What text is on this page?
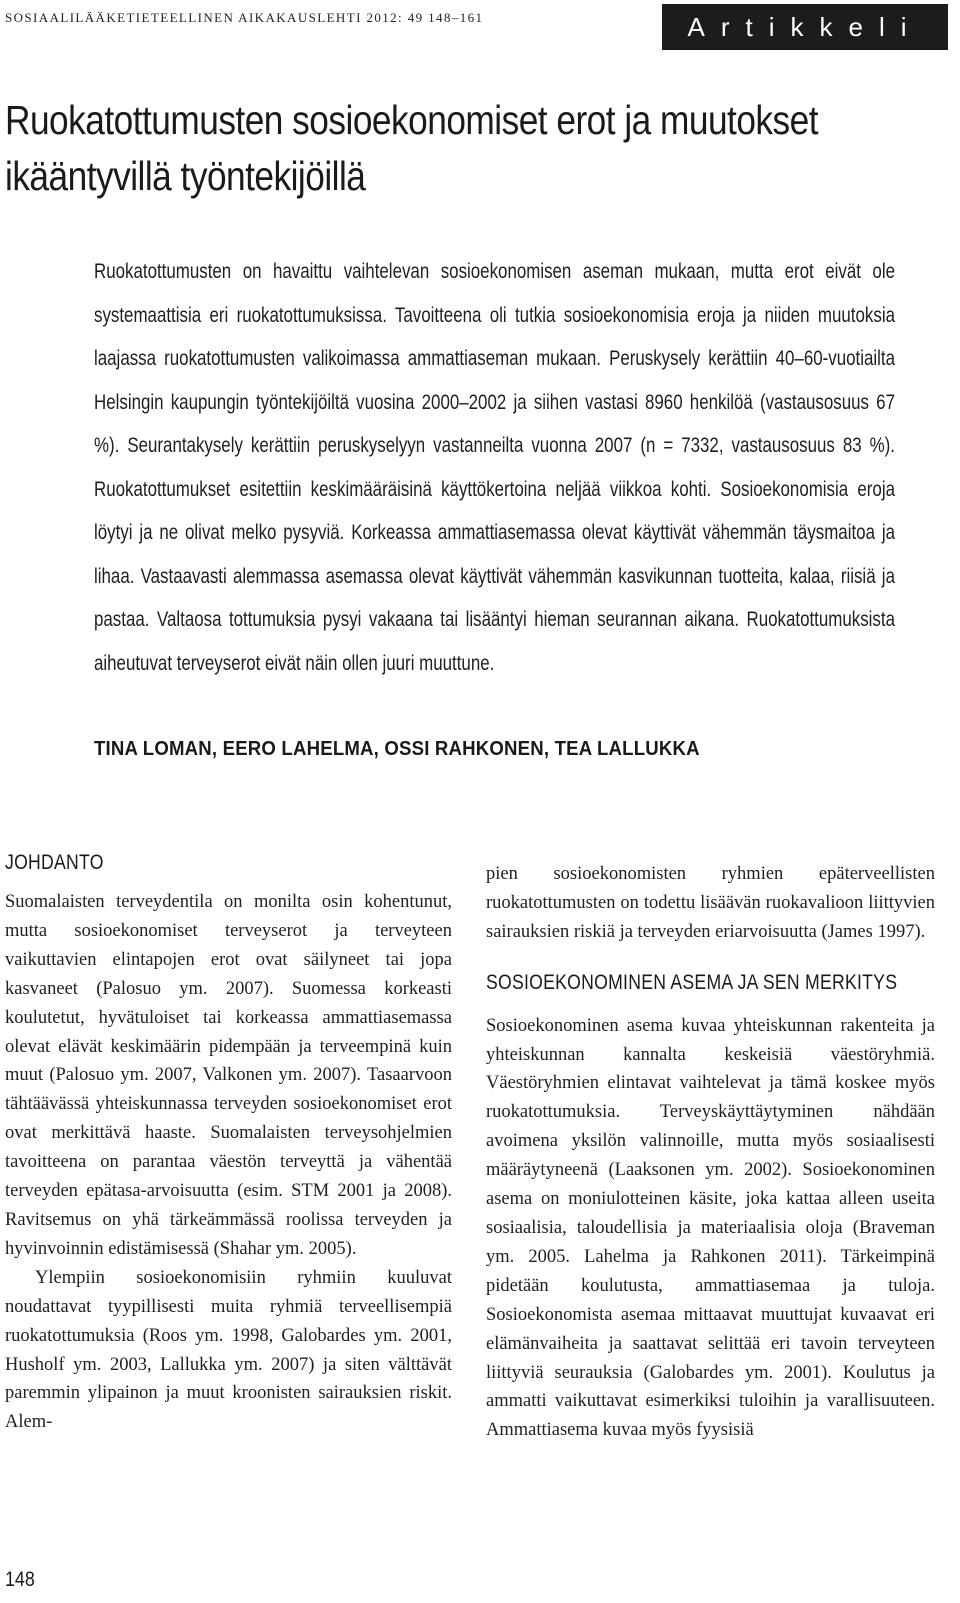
SOSIAALILÄÄKETIETEELLINEN AIKAKAUSLEHTI 2012: 49 148–161	Artikkeli
Ruokatottumusten sosioekonomiset erot ja muutokset
ikääntyvillä työntekijöillä
Ruokatottumusten on havaittu vaihtelevan sosioekonomisen aseman mukaan, mutta erot eivät ole systemaattisia eri ruokatottumuksissa. Tavoitteena oli tutkia sosioekonomisia eroja ja niiden muutoksia laajassa ruokatottumusten valikoimassa ammattiaseman mukaan. Peruskysely kerättiin 40–60-vuotiailta Helsingin kaupungin työntekijöiltä vuosina 2000–2002 ja siihen vastasi 8960 henkilöä (vastausosuus 67 %). Seurantakysely kerättiin peruskyselyyn vastanneilta vuonna 2007 (n = 7332, vastausosuus 83 %). Ruokatottumukset esitettiin keskimääräisinä käyttökertoina neljää viikkoa kohti. Sosioekonomisia eroja löytyi ja ne olivat melko pysyviä. Korkeassa ammattiasemassa olevat käyttivät vähemmän täysmaitoa ja lihaa. Vastaavasti alemmassa asemassa olevat käyttivät vähemmän kasvikunnan tuotteita, kalaa, riisiä ja pastaa. Valtaosa tottumuksia pysyi vakaana tai lisääntyi hieman seurannan aikana. Ruokatottumuksista aiheutuvat terveyserot eivät näin ollen juuri muuttune.
TINA LOMAN, EERO LAHELMA, OSSI RAHKONEN, TEA LALLUKKA
JOHDANTO

Suomalaisten terveydentila on monilta osin kohentunut, mutta sosioekonomiset terveyserot ja terveyteen vaikuttavien elintapojen erot ovat säilyneet tai jopa kasvaneet (Palosuo ym. 2007). Suomessa korkeasti koulutetut, hyvätuloiset tai korkeassa ammattiasemassa olevat elävät keskimäärin pidempään ja terveempinä kuin muut (Palosuo ym. 2007, Valkonen ym. 2007). Tasaarvoon tähtäävässä yhteiskunnassa terveyden sosioekonomiset erot ovat merkittävä haaste. Suomalaisten terveysohjelmien tavoitteena on parantaa väestön terveyttä ja vähentää terveyden epätasa-arvoisuutta (esim. STM 2001 ja 2008). Ravitsemus on yhä tärkeämmässä roolissa terveyden ja hyvinvoinnin edistämisessä (Shahar ym. 2005).

Ylempiin sosioekonomisiin ryhmiin kuuluvat noudattavat tyypillisesti muita ryhmiä terveellisempiä ruokatottumuksia (Roos ym. 1998, Galobardes ym. 2001, Husholf ym. 2003, Lallukka ym. 2007) ja siten välttävät paremmin ylipainon ja muut kroonisten sairauksien riskit. Alem-

pien sosioekonomisten ryhmien epäterveellisten ruokatottumusten on todettu lisäävän ruokavalioon liittyvien sairauksien riskiä ja terveyden eriarvoisuutta (James 1997).

SOSIOEKONOMINEN ASEMA JA SEN MERKITYS

Sosioekonominen asema kuvaa yhteiskunnan rakenteita ja yhteiskunnan kannalta keskeisiä väestöryhmiä. Väestöryhmien elintavat vaihtelevat ja tämä koskee myös ruokatottumuksia. Terveyskäyttäytyminen nähdään avoimena yksilön valinnoille, mutta myös sosiaalisesti määräytyneenä (Laaksonen ym. 2002). Sosioekonominen asema on moniulotteinen käsite, joka kattaa alleen useita sosiaalisia, taloudellisia ja materiaalisia oloja (Braveman ym. 2005. Lahelma ja Rahkonen 2011). Tärkeimpinä pidetään koulutusta, ammattiasemaa ja tuloja. Sosioekonomista asemaa mittaavat muuttujat kuvaavat eri elämänvaiheita ja saattavat selittää eri tavoin terveyteen liittyviä seurauksia (Galobardes ym. 2001). Koulutus ja ammatti vaikuttavat esimerkiksi tuloihin ja varallisuuteen. Ammattiasema kuvaa myös fyysisiä

148
